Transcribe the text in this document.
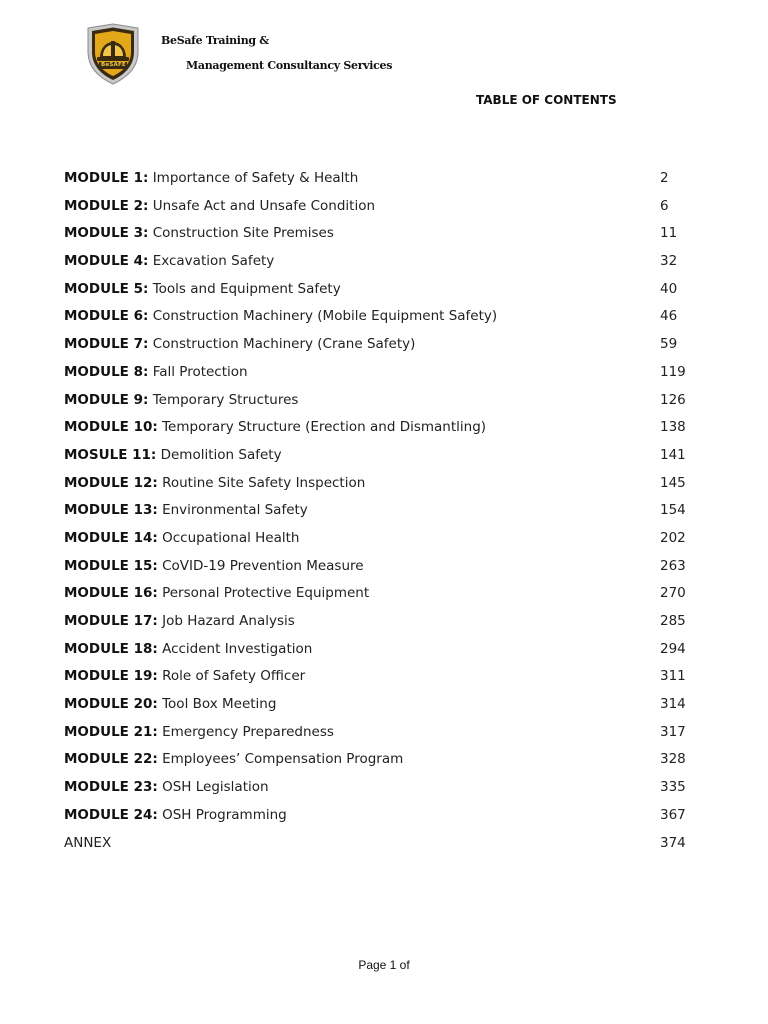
BeSAFE
BeSafe Training &
Management Consultancy Services
TABLE OF CONTENTS
MODULE 1: Importance of Safety & Health	2
MODULE 2: Unsafe Act and Unsafe Condition	6
MODULE 3: Construction Site Premises	11
MODULE 4: Excavation Safety	32
MODULE 5: Tools and Equipment Safety	40
MODULE 6: Construction Machinery (Mobile Equipment Safety)	46
MODULE 7: Construction Machinery (Crane Safety)	59
MODULE 8: Fall Protection	119
MODULE 9: Temporary Structures	126
MODULE 10: Temporary Structure (Erection and Dismantling)	138
MOSULE 11: Demolition Safety	141
MODULE 12: Routine Site Safety Inspection	145
MODULE 13: Environmental Safety	154
MODULE 14: Occupational Health	202
MODULE 15: CoVID-19 Prevention Measure	263
MODULE 16: Personal Protective Equipment	270
MODULE 17: Job Hazard Analysis	285
MODULE 18: Accident Investigation	294
MODULE 19: Role of Safety Officer	311
MODULE 20: Tool Box Meeting	314
MODULE 21: Emergency Preparedness	317
MODULE 22: Employees’ Compensation Program	328
MODULE 23: OSH Legislation	335
MODULE 24: OSH Programming	367
ANNEX	374
Page 1 of
